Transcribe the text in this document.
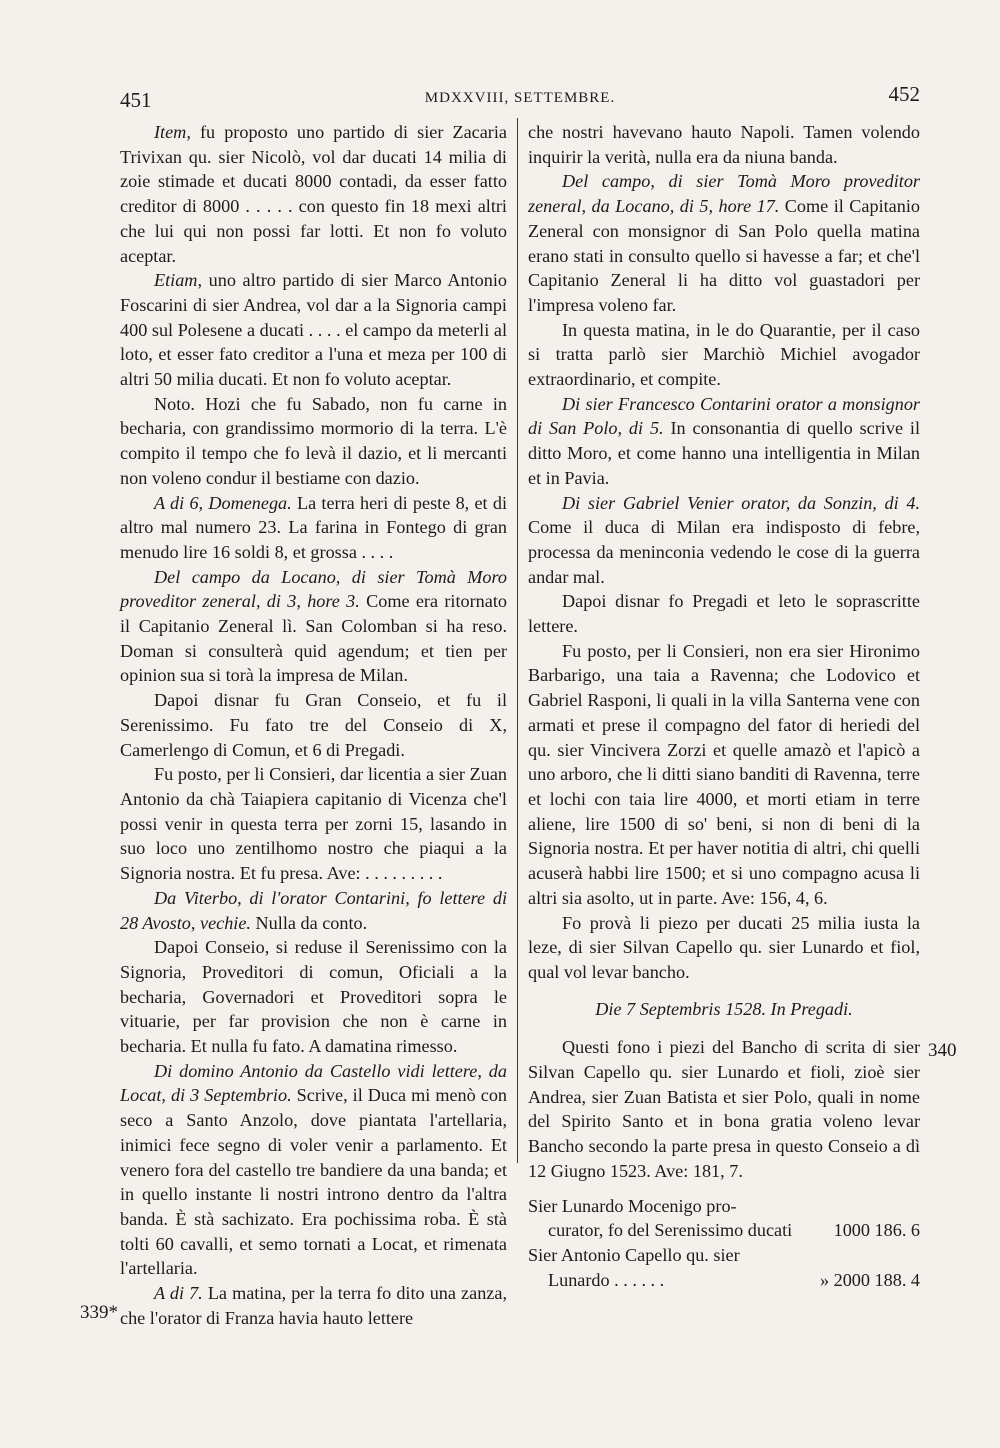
451	MDXXVIII, SETTEMBRE.	452

Item, fu proposto uno partido di sier Zacaria Trivixan qu. sier Nicolò, vol dar ducati 14 milia di zoie stimade et ducati 8000 contadi, da esser fatto creditor di 8000 . . . . . con questo fin 18 mexi altri che lui qui non possi far lotti. Et non fo voluto aceptar.

Etiam, uno altro partido di sier Marco Antonio Foscarini di sier Andrea, vol dar a la Signoria campi 400 sul Polesene a ducati . . . . el campo da meterli al loto, et esser fato creditor a l'una et meza per 100 di altri 50 milia ducati. Et non fo voluto aceptar.

Noto. Hozi che fu Sabado, non fu carne in becharia, con grandissimo mormorio di la terra. L'è compito il tempo che fo levà il dazio, et li mercanti non voleno condur il bestiame con dazio.

A di 6, Domenega. La terra heri di peste 8, et di altro mal numero 23. La farina in Fontego di gran menudo lire 16 soldi 8, et grossa . . . .

Del campo da Locano, di sier Tomà Moro proveditor zeneral, di 3, hore 3. Come era ritornato il Capitanio Zeneral lì. San Colomban si ha reso. Doman si consulterà quid agendum; et tien per opinion sua si torà la impresa de Milan.

Dapoi disnar fu Gran Conseio, et fu il Serenissimo. Fu fato tre del Conseio di X, Camerlengo di Comun, et 6 di Pregadi.

Fu posto, per li Consieri, dar licentia a sier Zuan Antonio da chà Taiapiera capitanio di Vicenza che'l possi venir in questa terra per zorni 15, lasando in suo loco uno zentilhomo nostro che piaqui a la Signoria nostra. Et fu presa. Ave: . . . . . . . . .

Da Viterbo, di l'orator Contarini, fo lettere di 28 Avosto, vechie. Nulla da conto.

Dapoi Conseio, si reduse il Serenissimo con la Signoria, Proveditori di comun, Oficiali a la becharia, Governadori et Proveditori sopra le vituarie, per far provision che non è carne in becharia. Et nulla fu fato. A damatina rimesso.

Di domino Antonio da Castello vidi lettere, da Locat, di 3 Septembrio. Scrive, il Duca mi menò con seco a Santo Anzolo, dove piantata l'artellaria, inimici fece segno di voler venir a parlamento. Et venero fora del castello tre bandiere da una banda; et in quello instante li nostri introno dentro da l'altra banda. È stà sachizato. Era pochissima roba. È stà tolti 60 cavalli, et semo tornati a Locat, et rimenata l'artellaria.

A di 7. La matina, per la terra fo dito una zanza, che l'orator di Franza havia hauto lettere

che nostri havevano hauto Napoli. Tamen volendo inquirir la verità, nulla era da niuna banda.

Del campo, di sier Tomà Moro proveditor zeneral, da Locano, di 5, hore 17. Come il Capitanio Zeneral con monsignor di San Polo quella matina erano stati in consulto quello si havesse a far; et che'l Capitanio Zeneral li ha ditto vol guastadori per l'impresa voleno far.

In questa matina, in le do Quarantie, per il caso si tratta parlò sier Marchiò Michiel avogador extraordinario, et compite.

Di sier Francesco Contarini orator a monsignor di San Polo, di 5. In consonantia di quello scrive il ditto Moro, et come hanno una intelligentia in Milan et in Pavia.

Di sier Gabriel Venier orator, da Sonzin, di 4. Come il duca di Milan era indisposto di febre, processa da meninconia vedendo le cose di la guerra andar mal.

Dapoi disnar fo Pregadi et leto le soprascritte lettere.

Fu posto, per li Consieri, non era sier Hironimo Barbarigo, una taia a Ravenna; che Lodovico et Gabriel Rasponi, li quali in la villa Santerna vene con armati et prese il compagno del fator di heriedi del qu. sier Vincivera Zorzi et quelle amazò et l'apicò a uno arboro, che li ditti siano banditi di Ravenna, terre et lochi con taia lire 4000, et morti etiam in terre aliene, lire 1500 di so' beni, si non di beni di la Signoria nostra. Et per haver notitia di altri, chi quelli acuserà habbi lire 1500; et si uno compagno acusa li altri sia asolto, ut in parte. Ave: 156, 4, 6.

Fo provà li piezo per ducati 25 milia iusta la leze, di sier Silvan Capello qu. sier Lunardo et fiol, qual vol levar bancho.

Die 7 Septembris 1528. In Pregadi.

Questi fono i piezi del Bancho di scrita di sier Silvan Capello qu. sier Lunardo et fioli, zioè sier Andrea, sier Zuan Batista et sier Polo, quali in nome del Spirito Santo et in bona gratia voleno levar Bancho secondo la parte presa in questo Conseio a dì 12 Giugno 1523. Ave: 181, 7.

Sier Lunardo Mocenigo pro-
curator, fo del Serenissimo ducati	1000 186. 6
Sier Antonio Capello qu. sier
Lunardo . . . . . .	» 2000 188. 4
339*
340
